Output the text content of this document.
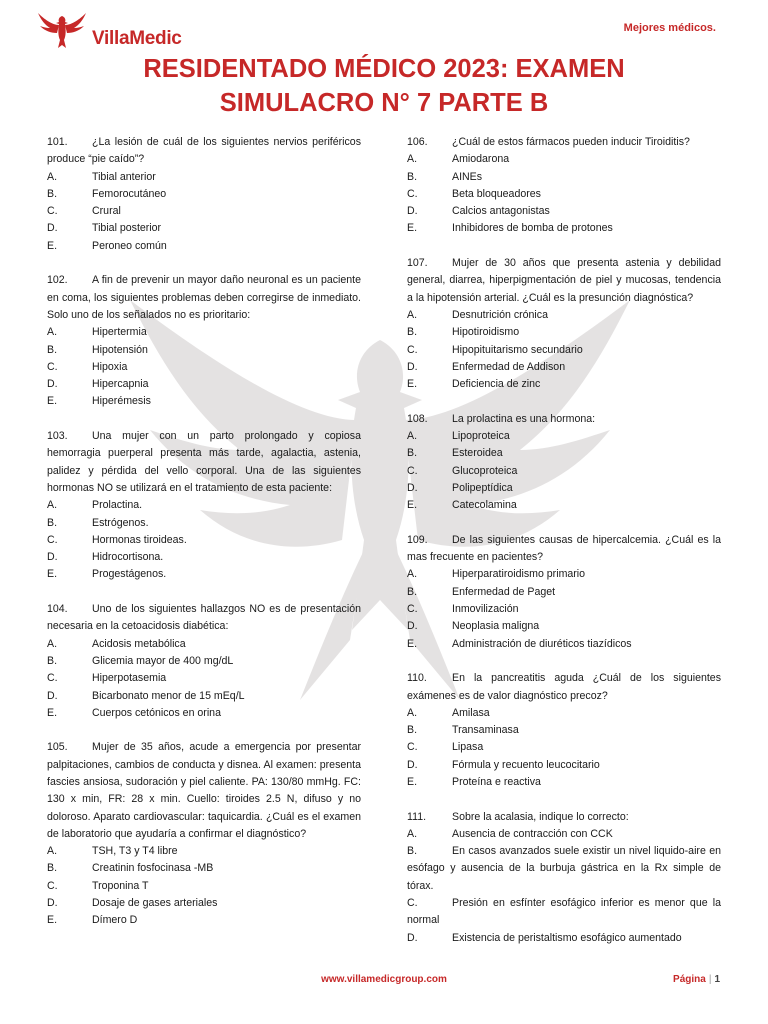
VillaMedic	Mejores médicos.
RESIDENTADO MÉDICO 2023: EXAMEN
SIMULACRO N° 7 PARTE B
101. ¿La lesión de cuál de los siguientes nervios periféricos produce “pie caído”?
A.	Tibial anterior
B.	Femorocutáneo
C.	Crural
D.	Tibial posterior
E.	Peroneo común
102. A fin de prevenir un mayor daño neuronal es un paciente en coma, los siguientes problemas deben corregirse de inmediato. Solo uno de los señalados no es prioritario:
A.	Hipertermia
B.	Hipotensión
C.	Hipoxia
D.	Hipercapnia
E.	Hiperémesis
103. Una mujer con un parto prolongado y copiosa hemorragia puerperal presenta más tarde, agalactia, astenia, palidez y pérdida del vello corporal. Una de las siguientes hormonas NO se utilizará en el tratamiento de esta paciente:
A.	Prolactina.
B.	Estrógenos.
C.	Hormonas tiroideas.
D.	Hidrocortisona.
E.	Progestágenos.
104. Uno de los siguientes hallazgos NO es de presentación necesaria en la cetoacidosis diabética:
A.	Acidosis metabólica
B.	Glicemia mayor de 400 mg/dL
C.	Hiperpotasemia
D.	Bicarbonato menor de 15 mEq/L
E.	Cuerpos cetónicos en orina
105. Mujer de 35 años, acude a emergencia por presentar palpitaciones, cambios de conducta y disnea. Al examen: presenta fascies ansiosa, sudoración y piel caliente. PA: 130/80 mmHg. FC: 130 x min, FR: 28 x min. Cuello: tiroides 2.5 N, difuso y no doloroso. Aparato cardiovascular: taquicardia. ¿Cuál es el examen de laboratorio que ayudaría a confirmar el diagnóstico?
A.	TSH, T3 y T4 libre
B.	Creatinin fosfocinasa -MB
C.	Troponina T
D.	Dosaje de gases arteriales
E.	Dímero D
106. ¿Cuál de estos fármacos pueden inducir Tiroiditis?
A.	Amiodarona
B.	AINEs
C.	Beta bloqueadores
D.	Calcios antagonistas
E.	Inhibidores de bomba de protones
107. Mujer de 30 años que presenta astenia y debilidad general, diarrea, hiperpigmentación de piel y mucosas, tendencia a la hipotensión arterial. ¿Cuál es la presunción diagnóstica?
A.	Desnutrición crónica
B.	Hipotiroidismo
C.	Hipopituitarismo secundario
D.	Enfermedad de Addison
E.	Deficiencia de zinc
108. La prolactina es una hormona:
A.	Lipoproteica
B.	Esteroidea
C.	Glucoproteica
D.	Polipeptídica
E.	Catecolamina
109. De las siguientes causas de hipercalcemia. ¿Cuál es la mas frecuente en pacientes?
A.	Hiperparatiroidismo primario
B.	Enfermedad de Paget
C.	Inmovilización
D.	Neoplasia maligna
E.	Administración de diuréticos tiazídicos
110. En la pancreatitis aguda ¿Cuál de los siguientes exámenes es de valor diagnóstico precoz?
A.	Amilasa
B.	Transaminasa
C.	Lipasa
D.	Fórmula y recuento leucocitario
E.	Proteína e reactiva
111. Sobre la acalasia, indique lo correcto:
A.	Ausencia de contracción con CCK
B.	En casos avanzados suele existir un nivel liquido-aire en esófago y ausencia de la burbuja gástrica en la Rx simple de tórax.
C.	Presión en esfínter esofágico inferior es menor que la normal
D.	Existencia de peristaltismo esofágico aumentado
www.villamedicgroup.com	Página | 1
